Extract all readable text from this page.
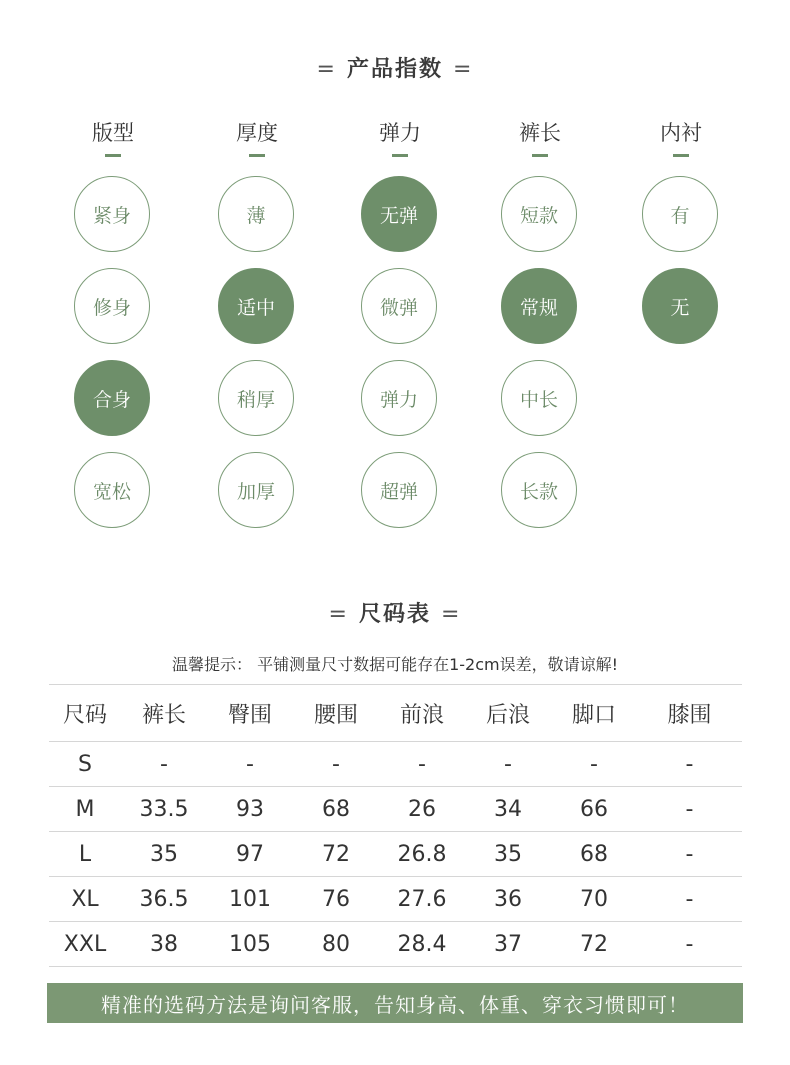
= 产品指数 =
版型
紧身
修身
合身
宽松
厚度
薄
适中
稍厚
加厚
弹力
无弹
微弹
弹力
超弹
裤长
短款
常规
中长
长款
内衬
有
无
= 尺码表 =
温馨提示： 平铺测量尺寸数据可能存在1-2cm误差，敬请谅解!
尺码	裤长	臀围	腰围	前浪	后浪	脚口	膝围
S	-	-	-	-	-	-	-
M	33.5	93	68	26	34	66	-
L	35	97	72	26.8	35	68	-
XL	36.5	101	76	27.6	36	70	-
XXL	38	105	80	28.4	37	72	-
精准的选码方法是询问客服，告知身高、体重、穿衣习惯即可！
